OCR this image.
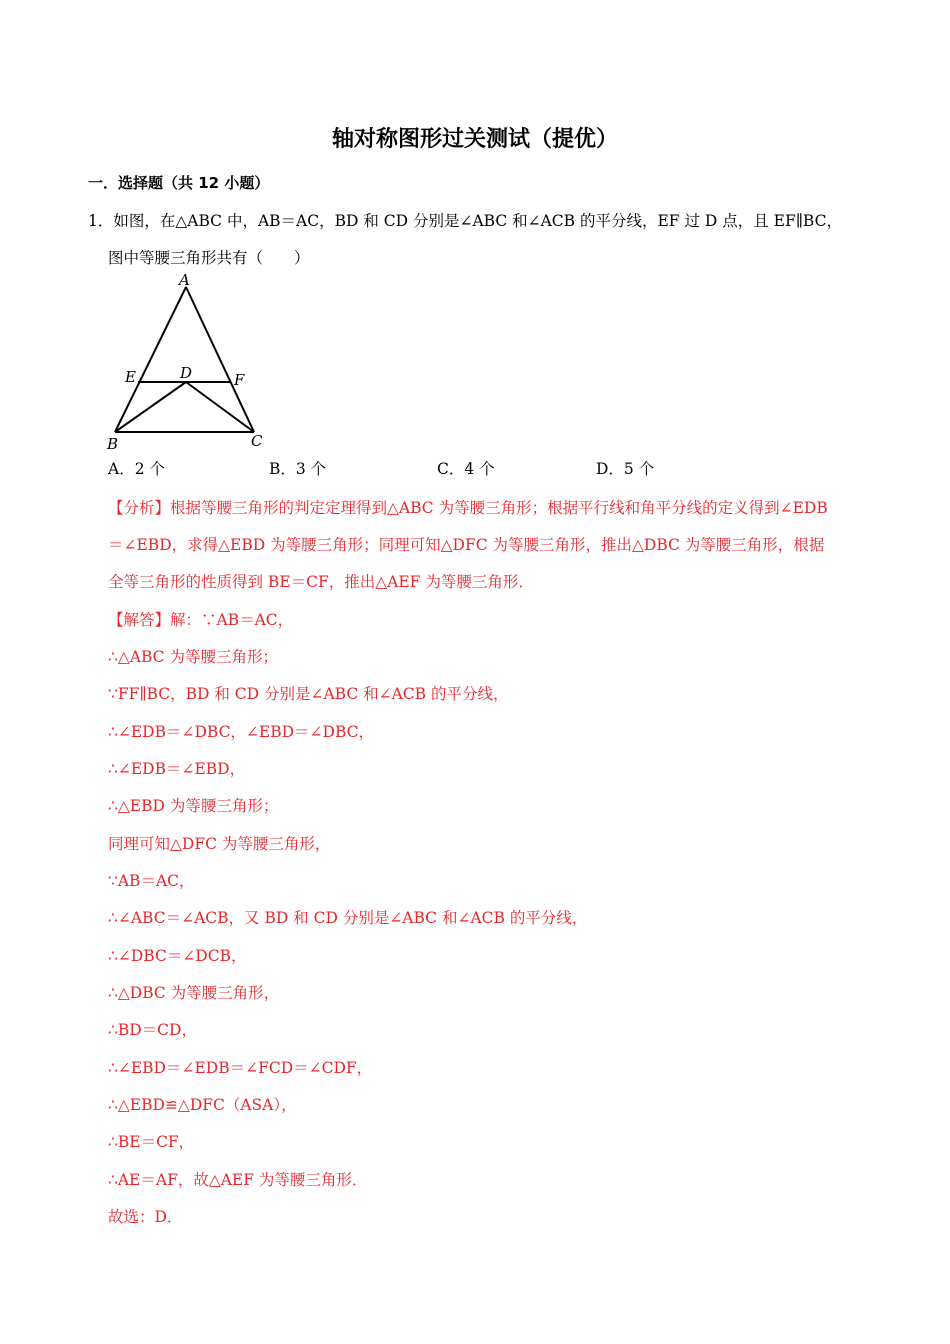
轴对称图形过关测试（提优）
一．选择题（共 12 小题）
1．如图，在△ABC 中，AB＝AC，BD 和 CD 分别是∠ABC 和∠ACB 的平分线，EF 过 D 点，且 EF∥BC，
图中等腰三角形共有（　　）
A
B	C
D
E	F
A．2 个	B．3 个	C．4 个	D．5 个
【分析】根据等腰三角形的判定定理得到△ABC 为等腰三角形；根据平行线和角平分线的定义得到∠EDB
＝∠EBD，求得△EBD 为等腰三角形；同理可知△DFC 为等腰三角形，推出△DBC 为等腰三角形，根据
全等三角形的性质得到 BE＝CF，推出△AEF 为等腰三角形．
【解答】解：∵AB＝AC，
∴△ABC 为等腰三角形；
∵FF∥BC，BD 和 CD 分别是∠ABC 和∠ACB 的平分线，
∴∠EDB＝∠DBC，∠EBD＝∠DBC，
∴∠EDB＝∠EBD，
∴△EBD 为等腰三角形；
同理可知△DFC 为等腰三角形，
∵AB＝AC，
∴∠ABC＝∠ACB，又 BD 和 CD 分别是∠ABC 和∠ACB 的平分线，
∴∠DBC＝∠DCB，
∴△DBC 为等腰三角形，
∴BD＝CD，
∴∠EBD＝∠EDB＝∠FCD＝∠CDF，
∴△EBD≌△DFC（ASA），
∴BE＝CF，
∴AE＝AF，故△AEF 为等腰三角形．
故选：D．
